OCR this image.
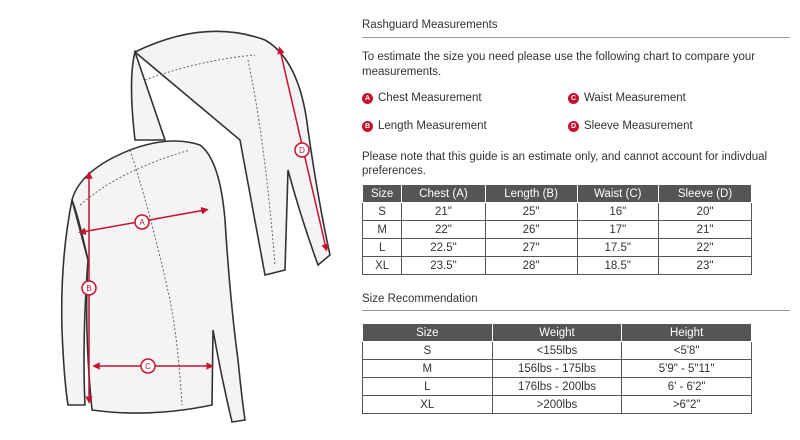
A
B
C
D
Rashguard Measurements
To estimate the size you need please use the following chart to compare your measurements.
A Chest Measurement	C Waist Measurement
B Length Measurement	D Sleeve Measurement
Please note that this guide is an estimate only, and cannot account for indivdual preferences.
Size	Chest (A)	Length (B)	Waist (C)	Sleeve (D)
S	21"	25"	16"	20"
M	22"	26"	17"	21"
L	22.5"	27"	17.5"	22"
XL	23.5"	28"	18.5"	23"
Size Recommendation
Size	Weight	Height
S	<155lbs	<5'8"
M	156lbs - 175lbs	5'9" - 5"11"
L	176lbs - 200lbs	6' - 6'2"
XL	>200lbs	>6"2"
